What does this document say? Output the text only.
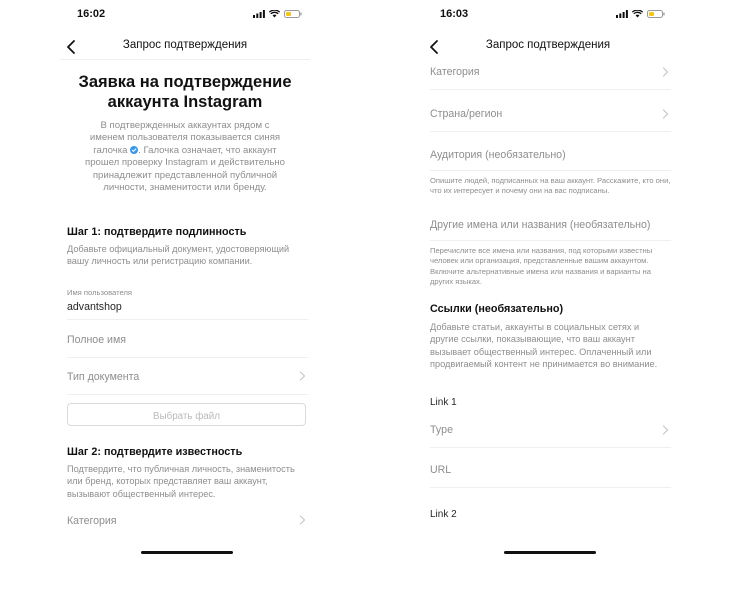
16:02
Запрос подтверждения
Заявка на подтверждение
аккаунта Instagram
В подтвержденных аккаунтах рядом с именем пользователя показывается синяя галочка . Галочка означает, что аккаунт прошел проверку Instagram и действительно принадлежит представленной публичной личности, знаменитости или бренду.
Шаг 1: подтвердите подлинность
Добавьте официальный документ, удостоверяющий вашу личность или регистрацию компании.
Имя пользователя
advantshop
Полное имя
Тип документа
Выбрать файл
Шаг 2: подтвердите известность
Подтвердите, что публичная личность, знаменитость или бренд, которых представляет ваш аккаунт, вызывают общественный интерес.
Категория
16:03
Запрос подтверждения
Категория
Страна/регион
Аудитория (необязательно)
Опишите людей, подписанных на ваш аккаунт. Расскажите, кто они, что их интересует и почему они на вас подписаны.
Другие имена или названия (необязательно)
Перечислите все имена или названия, под которыми известны человек или организация, представленные вашим аккаунтом. Включите альтернативные имена или названия и варианты на других языках.
Ссылки (необязательно)
Добавьте статьи, аккаунты в социальных сетях и другие ссылки, показывающие, что ваш аккаунт вызывает общественный интерес. Оплаченный или продвигаемый контент не принимается во внимание.
Link 1
Type
URL
Link 2
